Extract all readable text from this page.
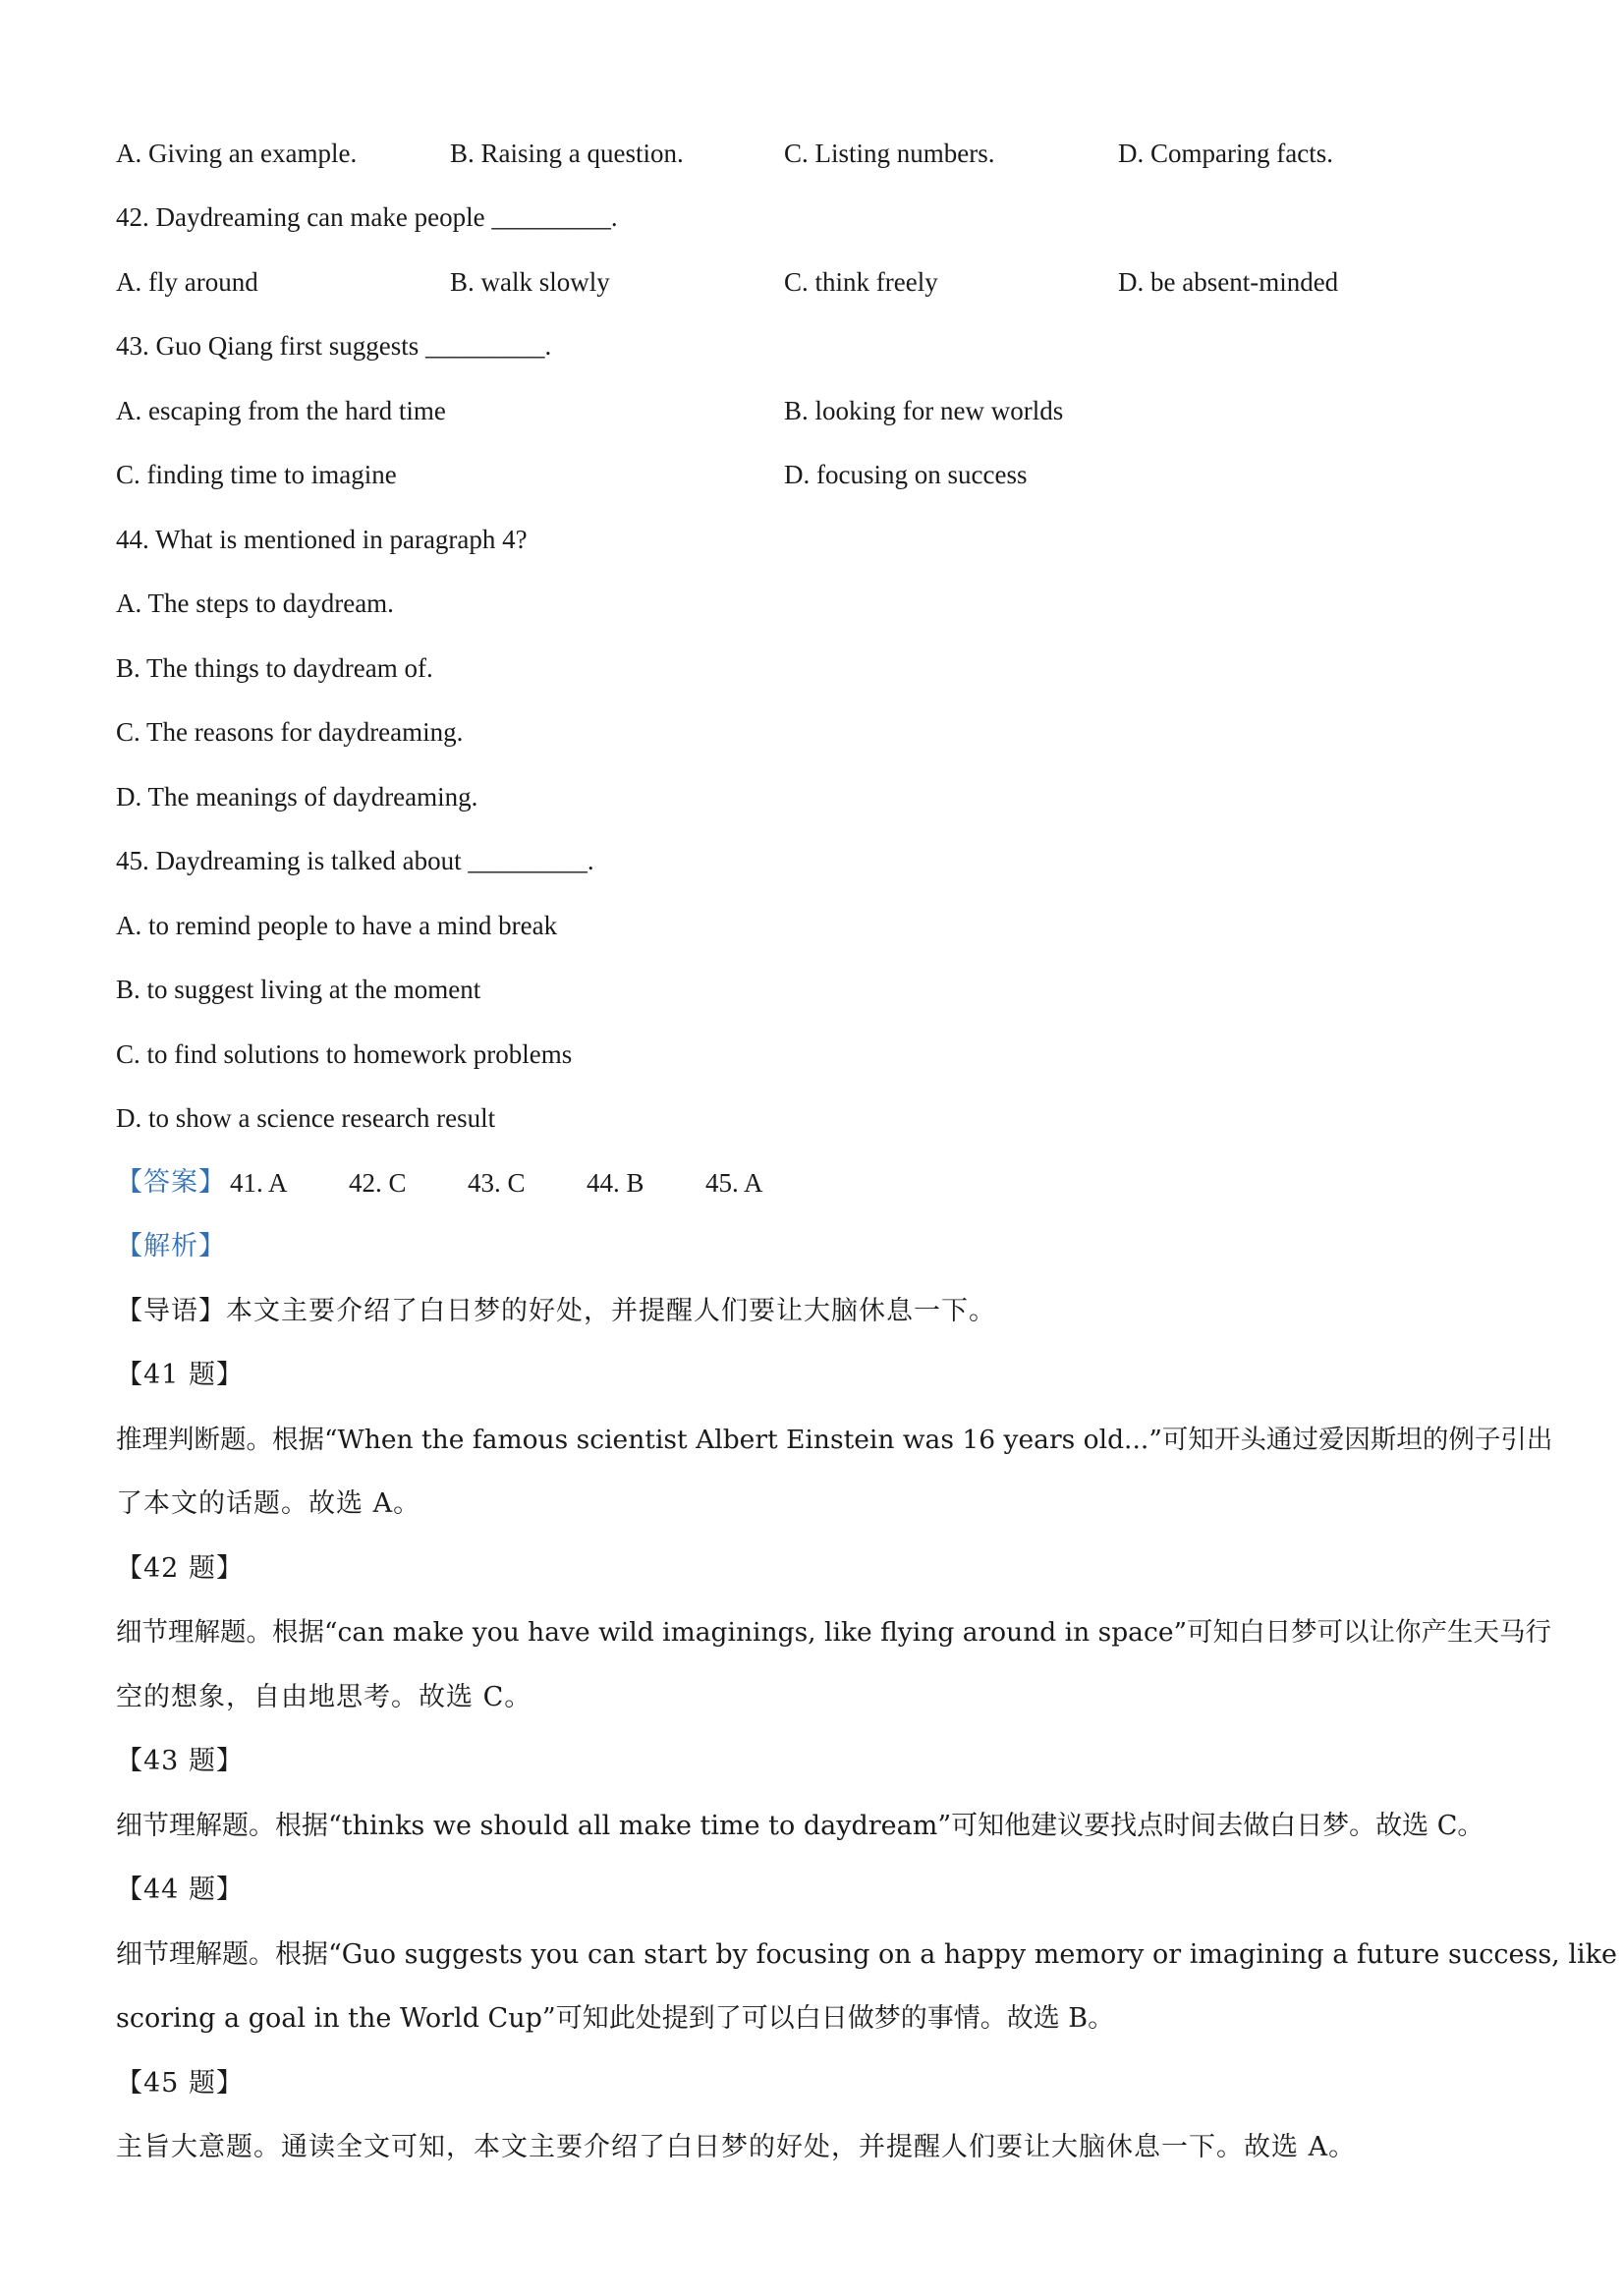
A. Giving an example.	B. Raising a question.	C. Listing numbers.	D. Comparing facts.
42. Daydreaming can make people _________.
A. fly around	B. walk slowly	C. think freely	D. be absent-minded
43. Guo Qiang first suggests _________.
A. escaping from the hard time	B. looking for new worlds
C. finding time to imagine	D. focusing on success
44. What is mentioned in paragraph 4?
A. The steps to daydream.
B. The things to daydream of.
C. The reasons for daydreaming.
D. The meanings of daydreaming.
45. Daydreaming is talked about _________.
A. to remind people to have a mind break
B. to suggest living at the moment
C. to find solutions to homework problems
D. to show a science research result
【答案】 41. A 42. C 43. C 44. B 45. A
【解析】
【导语】本文主要介绍了白日梦的好处，并提醒人们要让大脑休息一下。
【41 题】
推理判断题。根据“When the famous scientist Albert Einstein was 16 years old...”可知开头通过爱因斯坦的例子引出
了本文的话题。故选 A。
【42 题】
细节理解题。根据“can make you have wild imaginings, like flying around in space”可知白日梦可以让你产生天马行
空的想象，自由地思考。故选 C。
【43 题】
细节理解题。根据“thinks we should all make time to daydream”可知他建议要找点时间去做白日梦。故选 C。
【44 题】
细节理解题。根据“Guo suggests you can start by focusing on a happy memory or imagining a future success, like
scoring a goal in the World Cup”可知此处提到了可以白日做梦的事情。故选 B。
【45 题】
主旨大意题。通读全文可知，本文主要介绍了白日梦的好处，并提醒人们要让大脑休息一下。故选 A。
